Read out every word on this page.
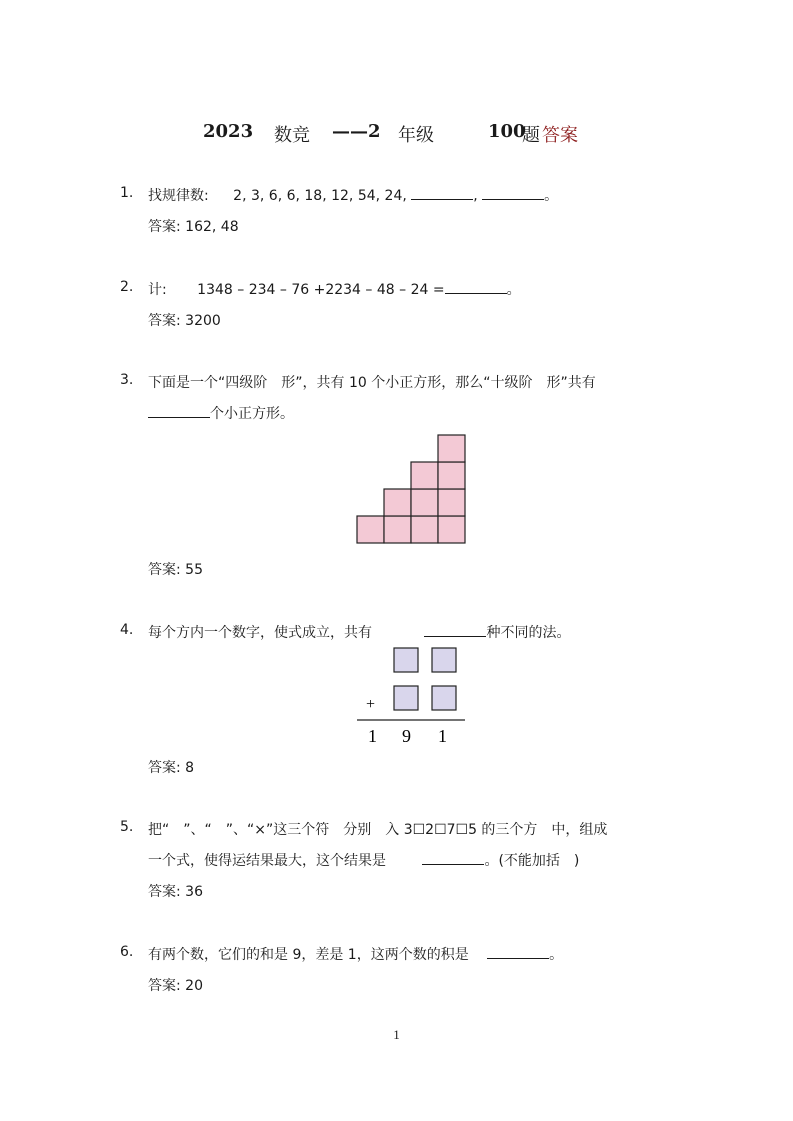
2023 数竞 ——2 年级	100
题 答案
1. 找规律数: 2, 3, 6, 6, 18, 12, 54, 24,	,	。
答案: 162, 48
2. 计: 1348 – 234 – 76 +2234 – 48 – 24 =	。
答案: 3200
3. 下面是一个“四级阶　形”，共有 10 个小正方形，那么“十级阶　形”共有
个小正方形。
答案: 55
4. 每个方内一个数字，使式成立，共有	种不同的法。
+
1 9 1
答案: 8
5. 把“　”、“　”、“×”这三个符　分别　入 3☐2☐7☐5 的三个方　中，组成
一个式，使得运结果最大，这个结果是	。(不能加括　)
答案: 36
6. 有两个数，它们的和是 9，差是 1，这两个数的积是	。
答案: 20
1
